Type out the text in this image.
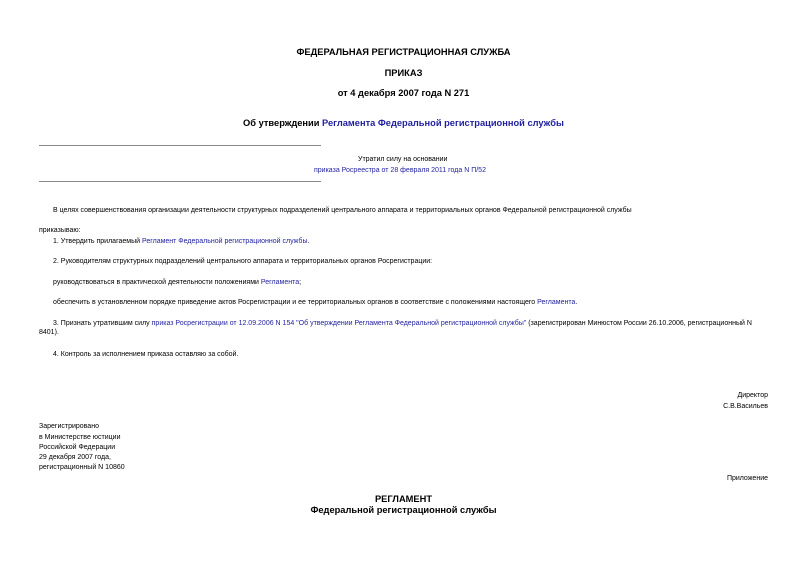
ФЕДЕРАЛЬНАЯ РЕГИСТРАЦИОННАЯ СЛУЖБА
ПРИКАЗ
от 4 декабря 2007 года N 271
Об утверждении Регламента Федеральной регистрационной службы
Утратил силу на основании
приказа Росреестра от 28 февраля 2011 года N П/52
В целях совершенствования организации деятельности структурных подразделений центрального аппарата и территориальных органов Федеральной регистрационной службы
приказываю:
1. Утвердить прилагаемый Регламент Федеральной регистрационной службы.
2. Руководителям структурных подразделений центрального аппарата и территориальных органов Росрегистрации:
руководствоваться в практической деятельности положениями Регламента;
обеспечить в установленном порядке приведение актов Росрегистрации и ее территориальных органов в соответствие с положениями настоящего Регламента.
3. Признать утратившим силу приказ Росрегистрации от 12.09.2006 N 154 "Об утверждении Регламента Федеральной регистрационной службы" (зарегистрирован Минюстом России 26.10.2006, регистрационный N 8401).
4. Контроль за исполнением приказа оставляю за собой.
Директор
С.В.Васильев
Зарегистрировано
в Министерстве юстиции
Российской Федерации
29 декабря 2007 года,
регистрационный N 10860
Приложение
РЕГЛАМЕНТ
Федеральной регистрационной службы
